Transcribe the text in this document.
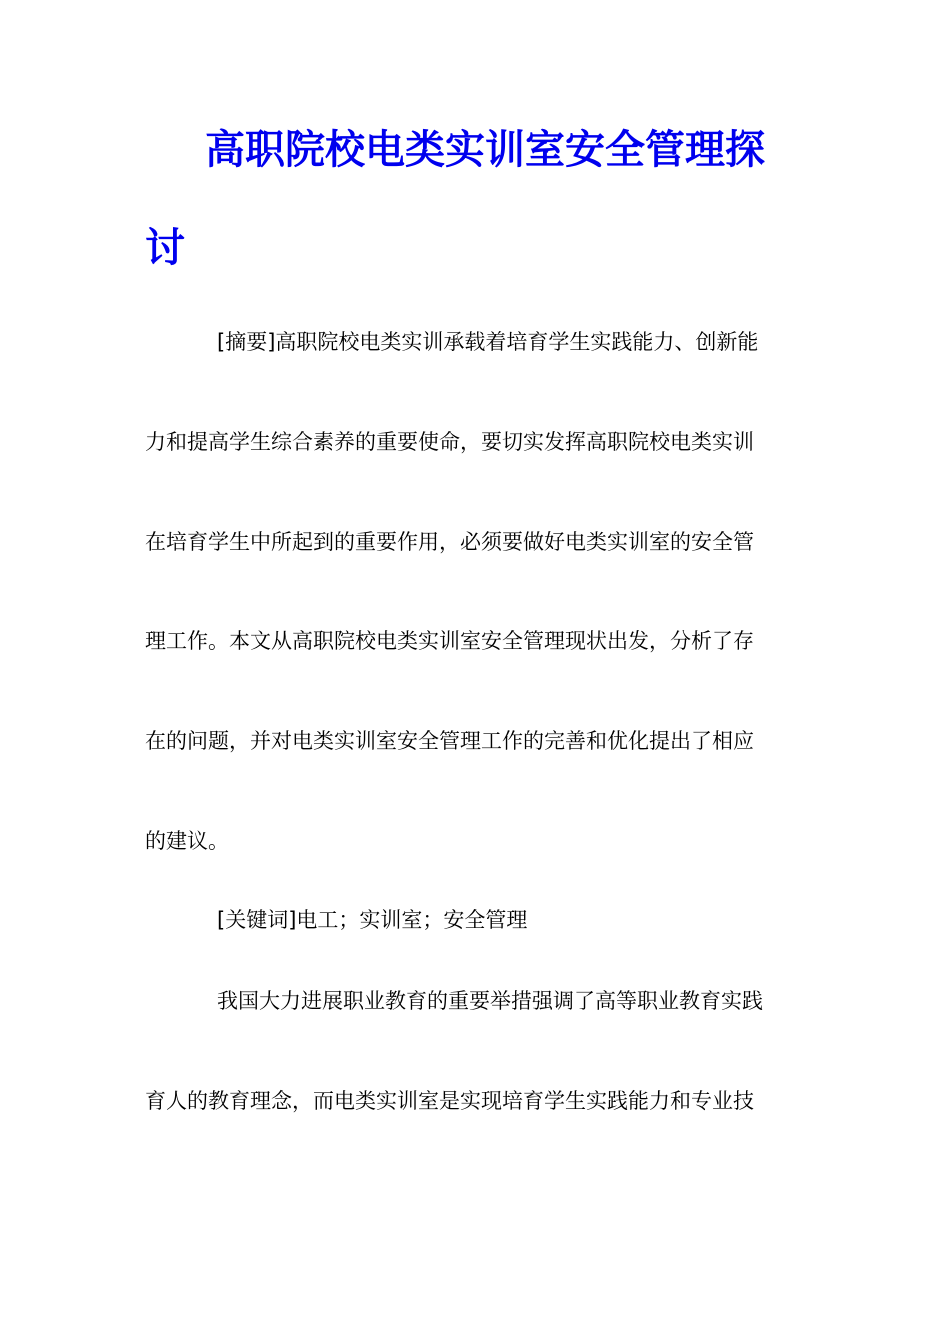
高职院校电类实训室安全管理探
讨

[摘要]高职院校电类实训承载着培育学生实践能力、创新能

力和提高学生综合素养的重要使命，要切实发挥高职院校电类实训

在培育学生中所起到的重要作用，必须要做好电类实训室的安全管

理工作。本文从高职院校电类实训室安全管理现状出发，分析了存

在的问题，并对电类实训室安全管理工作的完善和优化提出了相应

的建议。

[关键词]电工；实训室；安全管理

我国大力进展职业教育的重要举措强调了高等职业教育实践

育人的教育理念，而电类实训室是实现培育学生实践能力和专业技
